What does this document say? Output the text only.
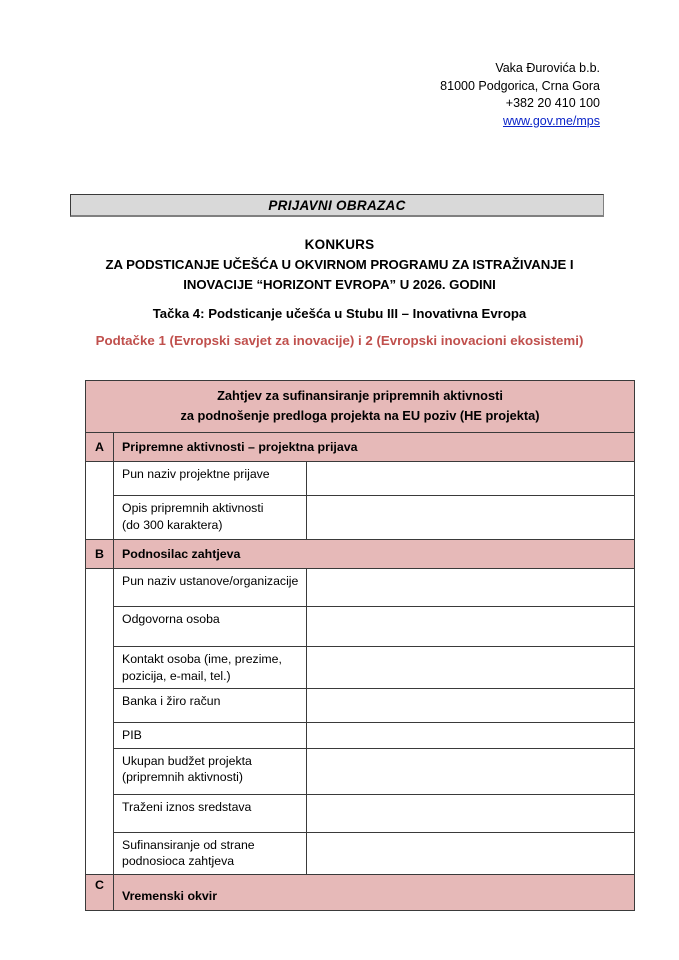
Vaka Đurovića b.b.
81000 Podgorica, Crna Gora
+382 20 410 100
www.gov.me/mps
PRIJAVNI OBRAZAC
KONKURS
ZA PODSTICANJE UČEŠĆA U OKVIRNOM PROGRAMU ZA ISTRAŽIVANJE I
INOVACIJE “HORIZONT EVROPA” U 2026. GODINI
Tačka 4: Podsticanje učešća u Stubu III – Inovativna Evropa
Podtačke 1 (Evropski savjet za inovacije) i 2 (Evropski inovacioni ekosistemi)
Zahtjev za sufinansiranje pripremnih aktivnosti
za podnošenje predloga projekta na EU poziv (HE projekta)		

A	Pripremne aktivnosti – projektna prijava	

	Pun naziv projektne prijave	

	Opis pripremnih aktivnosti
(do 300 karaktera)	

B	Podnosilac zahtjeva	

	Pun naziv ustanove/organizacije	

	Odgovorna osoba	

	Kontakt osoba (ime, prezime,
pozicija, e-mail, tel.)	

	Banka i žiro račun	

	PIB	

	Ukupan budžet projekta
(pripremnih aktivnosti)	

	Traženi iznos sredstava	

	Sufinansiranje od strane
podnosioca zahtjeva	

C	Vremenski okvir	
